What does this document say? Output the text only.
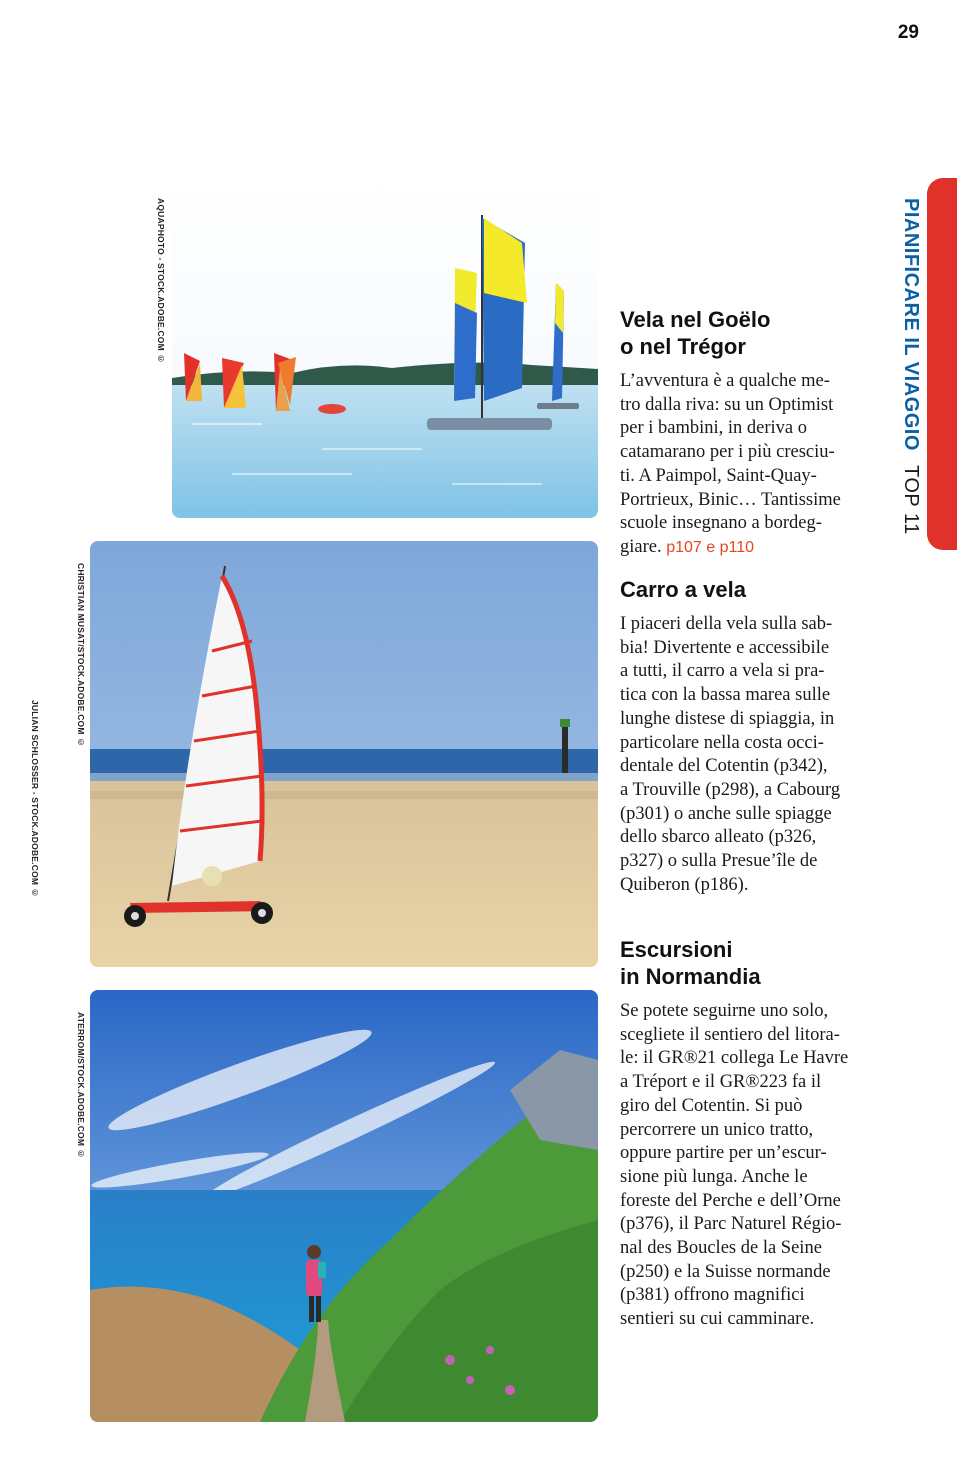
29
PIANIFICARE IL VIAGGIO TOP 11
AQUAPHOTO - STOCK.ADOBE.COM ©
CHRISTIAN MUSAT/STOCK.ADOBE.COM ©
JULIAN SCHLOSSER - STOCK.ADOBE.COM ©
ATERROM/STOCK.ADOBE.COM ©
Vela nel Goëlo
o nel Trégor

L’avventura è a qualche me-
tro dalla riva: su un Optimist
per i bambini, in deriva o
catamarano per i più cresciu-
ti. A Paimpol, Saint-Quay-
Portrieux, Binic… Tantissime
scuole insegnano a bordeg-
giare. p107 e p110

Carro a vela

I piaceri della vela sulla sab-
bia! Divertente e accessibile
a tutti, il carro a vela si pra-
tica con la bassa marea sulle
lunghe distese di spiaggia, in
particolare nella costa occi-
dentale del Cotentin (p342),
a Trouville (p298), a Cabourg
(p301) o anche sulle spiagge
dello sbarco alleato (p326,
p327) o sulla Presue’île de
Quiberon (p186).

Escursioni
in Normandia

Se potete seguirne uno solo,
scegliete il sentiero del litora-
le: il GR®21 collega Le Havre
a Tréport e il GR®223 fa il
giro del Cotentin. Si può
percorrere un unico tratto,
oppure partire per un’escur-
sione più lunga. Anche le
foreste del Perche e dell’Orne
(p376), il Parc Naturel Régio-
nal des Boucles de la Seine
(p250) e la Suisse normande
(p381) offrono magnifici
sentieri su cui camminare.
